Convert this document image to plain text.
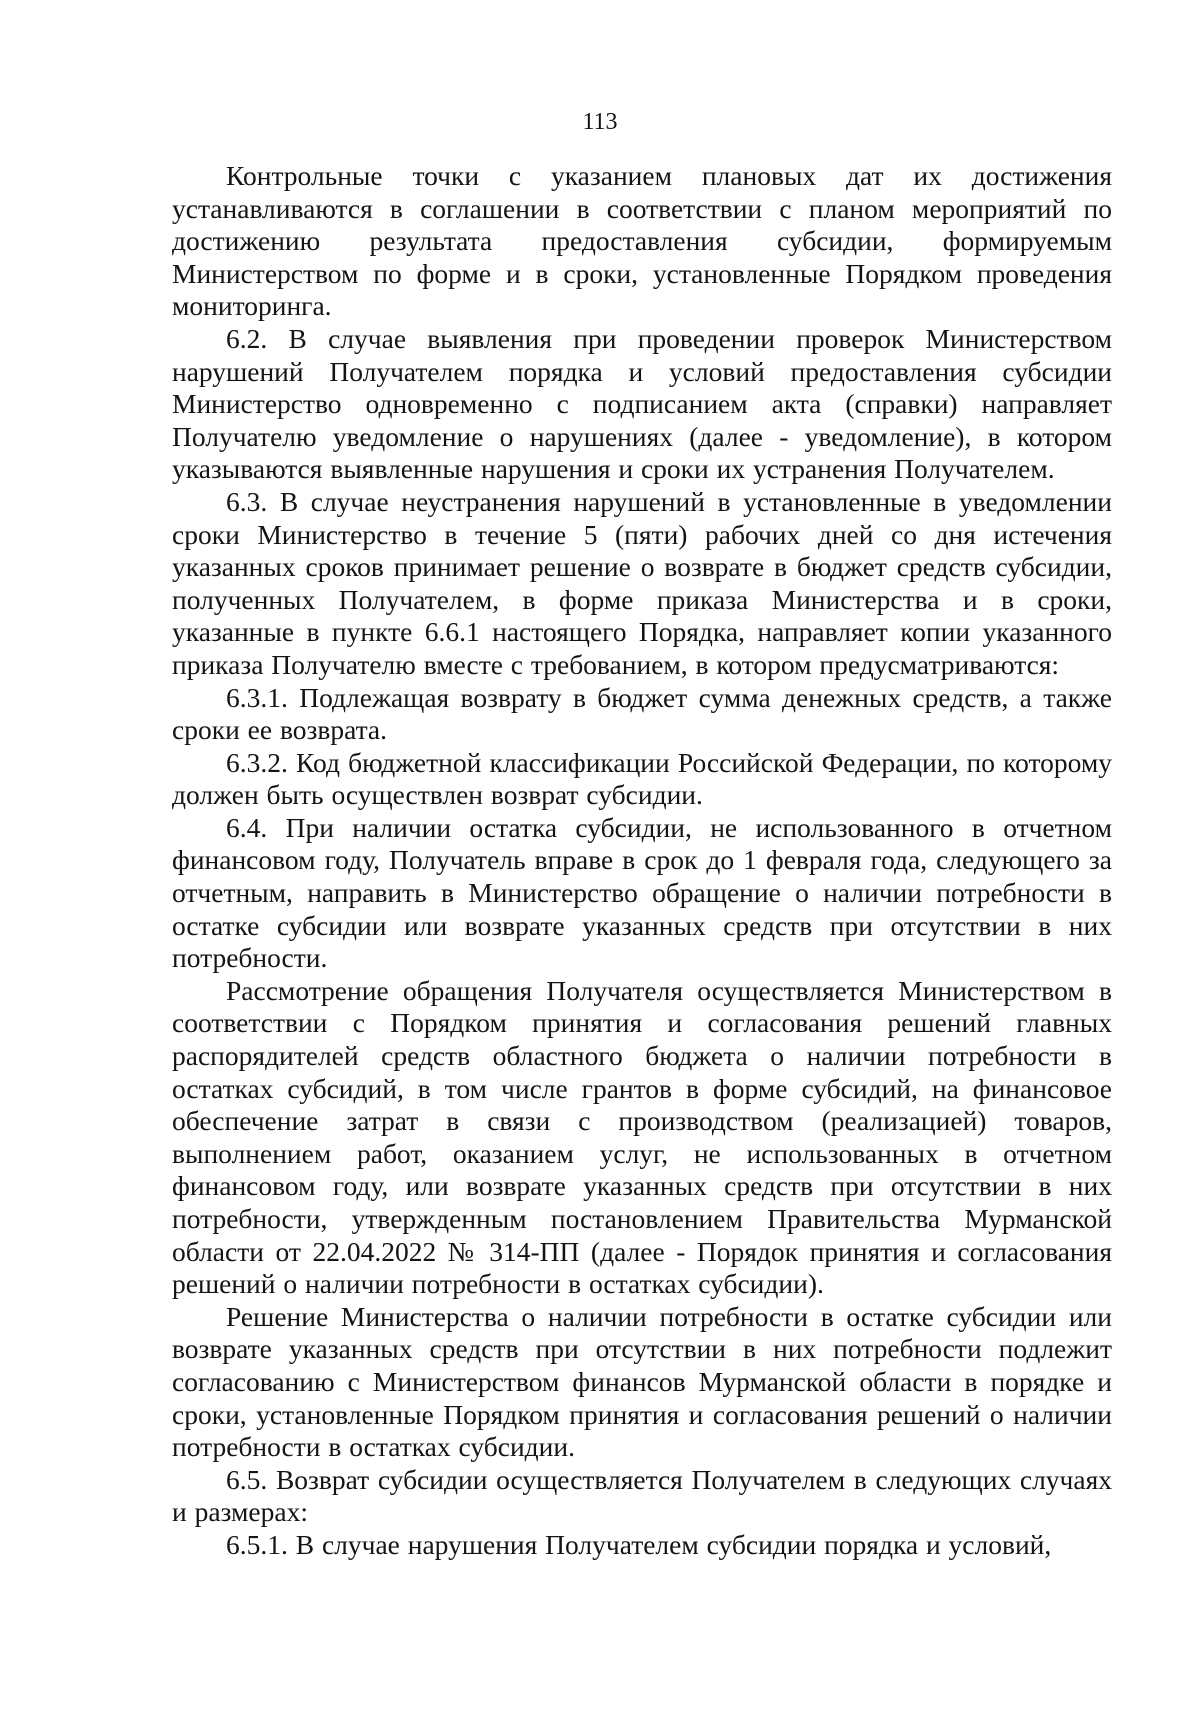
113

Контрольные точки с указанием плановых дат их достижения устанавливаются в соглашении в соответствии с планом мероприятий по достижению результата предоставления субсидии, формируемым Министерством по форме и в сроки, установленные Порядком проведения мониторинга.

6.2. В случае выявления при проведении проверок Министерством нарушений Получателем порядка и условий предоставления субсидии Министерство одновременно с подписанием акта (справки) направляет Получателю уведомление о нарушениях (далее - уведомление), в котором указываются выявленные нарушения и сроки их устранения Получателем.

6.3. В случае неустранения нарушений в установленные в уведомлении сроки Министерство в течение 5 (пяти) рабочих дней со дня истечения указанных сроков принимает решение о возврате в бюджет средств субсидии, полученных Получателем, в форме приказа Министерства и в сроки, указанные в пункте 6.6.1 настоящего Порядка, направляет копии указанного приказа Получателю вместе с требованием, в котором предусматриваются:

6.3.1. Подлежащая возврату в бюджет сумма денежных средств, а также сроки ее возврата.

6.3.2. Код бюджетной классификации Российской Федерации, по которому должен быть осуществлен возврат субсидии.

6.4. При наличии остатка субсидии, не использованного в отчетном финансовом году, Получатель вправе в срок до 1 февраля года, следующего за отчетным, направить в Министерство обращение о наличии потребности в остатке субсидии или возврате указанных средств при отсутствии в них потребности.

Рассмотрение обращения Получателя осуществляется Министерством в соответствии с Порядком принятия и согласования решений главных распорядителей средств областного бюджета о наличии потребности в остатках субсидий, в том числе грантов в форме субсидий, на финансовое обеспечение затрат в связи с производством (реализацией) товаров, выполнением работ, оказанием услуг, не использованных в отчетном финансовом году, или возврате указанных средств при отсутствии в них потребности, утвержденным постановлением Правительства Мурманской области от 22.04.2022 № 314-ПП (далее - Порядок принятия и согласования решений о наличии потребности в остатках субсидии).

Решение Министерства о наличии потребности в остатке субсидии или возврате указанных средств при отсутствии в них потребности подлежит согласованию с Министерством финансов Мурманской области в порядке и сроки, установленные Порядком принятия и согласования решений о наличии потребности в остатках субсидии.

6.5. Возврат субсидии осуществляется Получателем в следующих случаях и размерах:

6.5.1. В случае нарушения Получателем субсидии порядка и условий,
